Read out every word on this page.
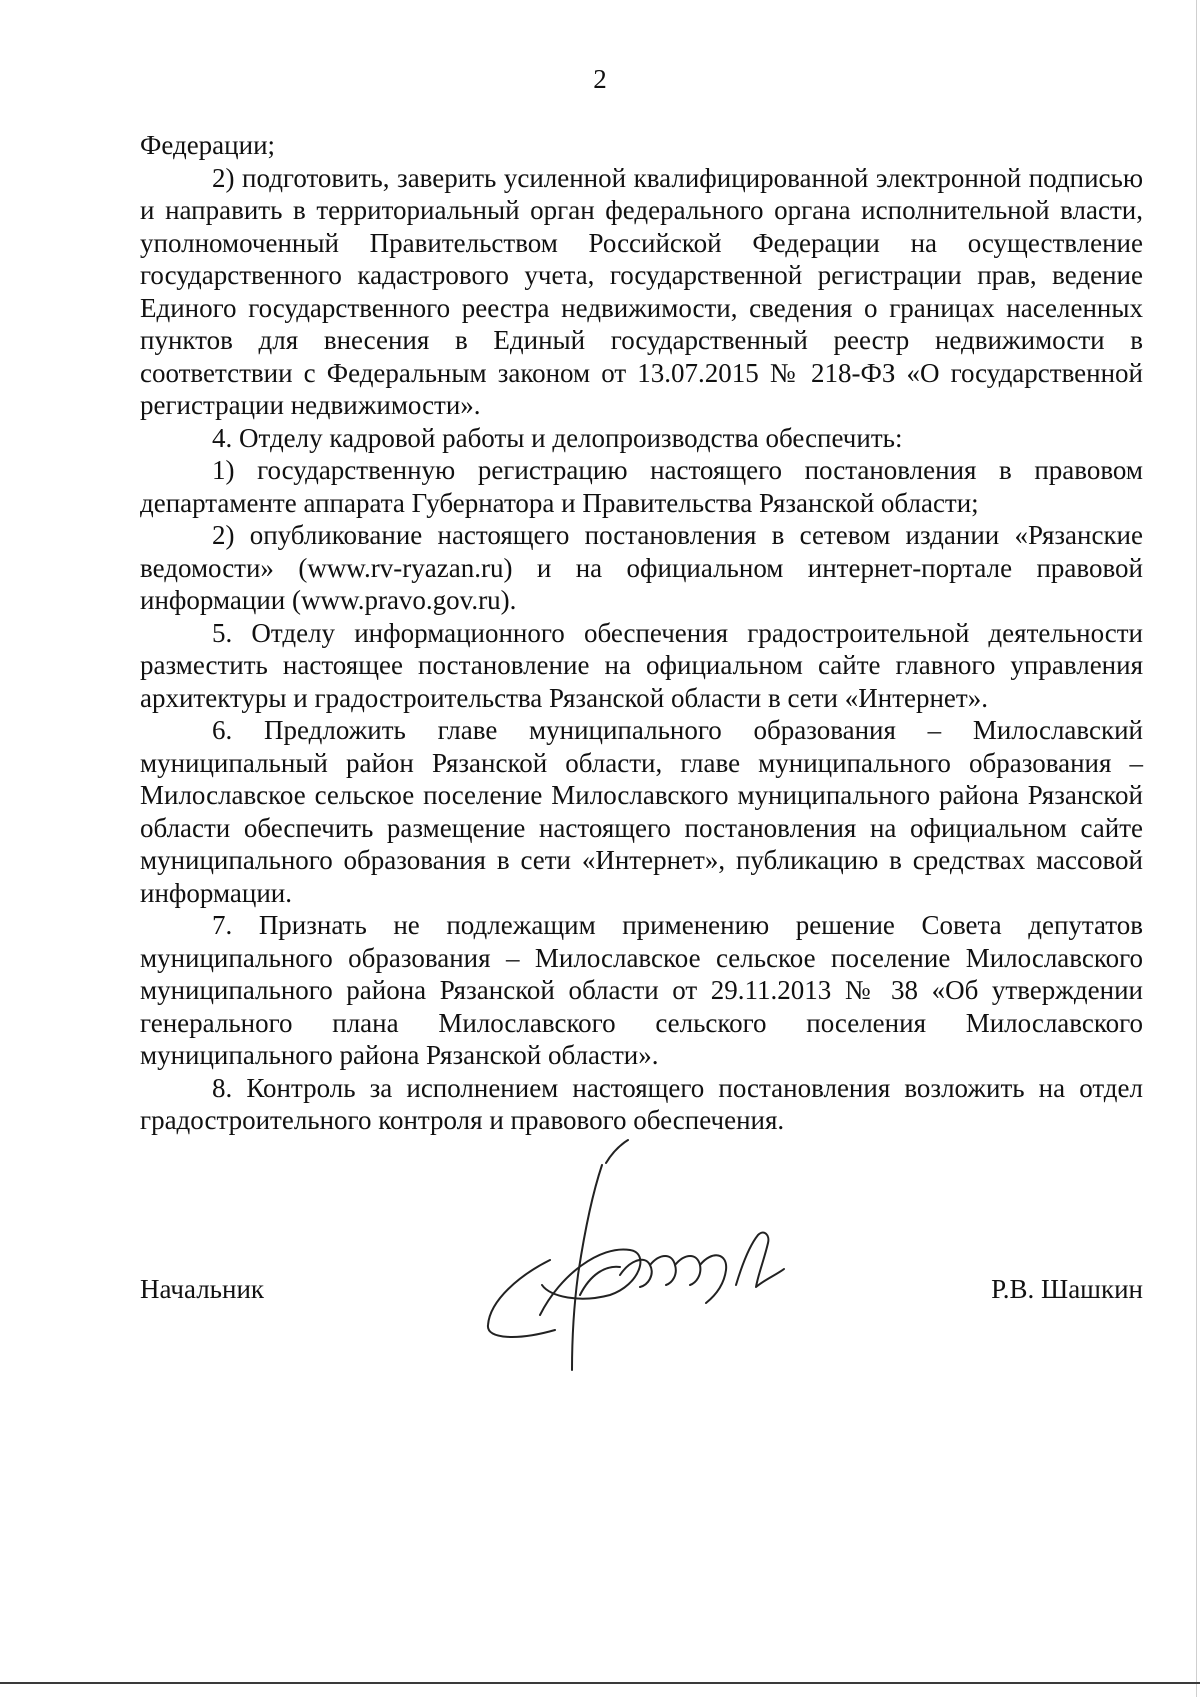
2

Федерации;

2) подготовить, заверить усиленной квалифицированной электронной подписью и направить в территориальный орган федерального органа исполнительной власти, уполномоченный Правительством Российской Федерации на осуществление государственного кадастрового учета, государственной регистрации прав, ведение Единого государственного реестра недвижимости, сведения о границах населенных пунктов для внесения в Единый государственный реестр недвижимости в соответствии с Федеральным законом от 13.07.2015 № 218-ФЗ «О государственной регистрации недвижимости».

4. Отделу кадровой работы и делопроизводства обеспечить:

1) государственную регистрацию настоящего постановления в правовом департаменте аппарата Губернатора и Правительства Рязанской области;

2) опубликование настоящего постановления в сетевом издании «Рязанские ведомости» (www.rv-ryazan.ru) и на официальном интернет-портале правовой информации (www.pravo.gov.ru).

5. Отделу информационного обеспечения градостроительной деятельности разместить настоящее постановление на официальном сайте главного управления архитектуры и градостроительства Рязанской области в сети «Интернет».

6. Предложить главе муниципального образования – Милославский муниципальный район Рязанской области, главе муниципального образования – Милославское сельское поселение Милославского муниципального района Рязанской области обеспечить размещение настоящего постановления на официальном сайте муниципального образования в сети «Интернет», публикацию в средствах массовой информации.

7. Признать не подлежащим применению решение Совета депутатов муниципального образования – Милославское сельское поселение Милославского муниципального района Рязанской области от 29.11.2013 № 38 «Об утверждении генерального плана Милославского сельского поселения Милославского муниципального района Рязанской области».

8. Контроль за исполнением настоящего постановления возложить на отдел градостроительного контроля и правового обеспечения.

Начальник	Р.В. Шашкин
